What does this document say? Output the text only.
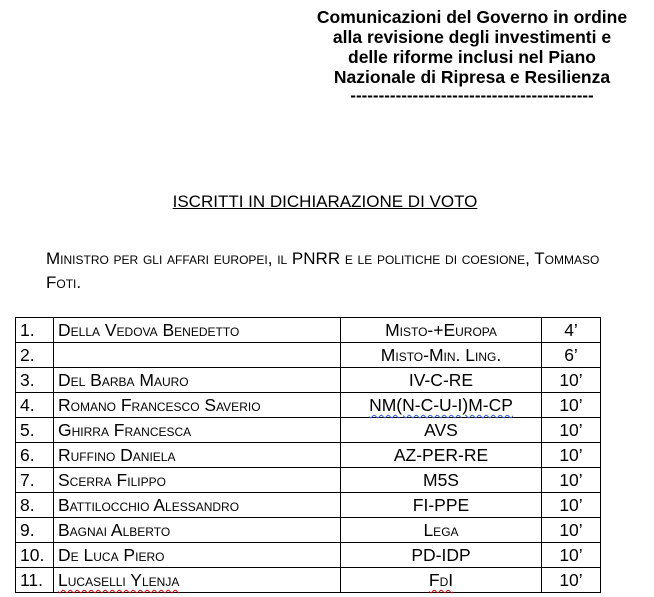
Comunicazioni del Governo in ordine
alla revisione degli investimenti e
delle riforme inclusi nel Piano
Nazionale di Ripresa e Resilienza
-------------------------------------------
ISCRITTI IN DICHIARAZIONE DI VOTO
Ministro per gli affari europei, il PNRR e le politiche di coesione, Tommaso Foti.
1.	Della Vedova Benedetto	Misto-+Europa	4’
2.		Misto-Min. Ling.	6’
3.	Del Barba Mauro	IV-C-RE	10’
4.	Romano Francesco Saverio	NM(N-C-U-I)M-CP	10’
5.	Ghirra Francesca	AVS	10’
6.	Ruffino Daniela	AZ-PER-RE	10’
7.	Scerra Filippo	M5S	10’
8.	Battilocchio Alessandro	FI-PPE	10’
9.	Bagnai Alberto	Lega	10’
10.	De Luca Piero	PD-IDP	10’
11.	Lucaselli Ylenja	FdI	10’
